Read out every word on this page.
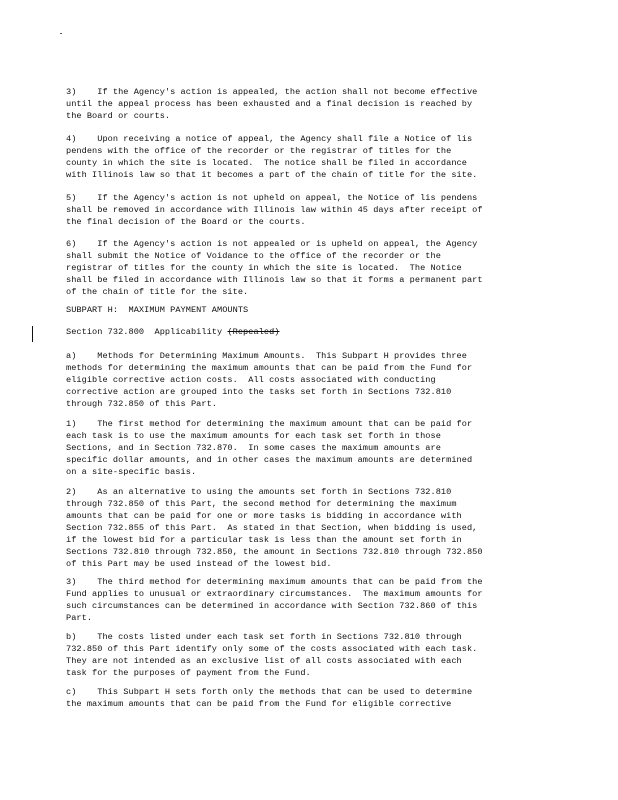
3)    If the Agency's action is appealed, the action shall not become effective
until the appeal process has been exhausted and a final decision is reached by
the Board or courts.
4)    Upon receiving a notice of appeal, the Agency shall file a Notice of lis
pendens with the office of the recorder or the registrar of titles for the
county in which the site is located.  The notice shall be filed in accordance
with Illinois law so that it becomes a part of the chain of title for the site.
5)    If the Agency's action is not upheld on appeal, the Notice of lis pendens
shall be removed in accordance with Illinois law within 45 days after receipt of
the final decision of the Board or the courts.
6)    If the Agency's action is not appealed or is upheld on appeal, the Agency
shall submit the Notice of Voidance to the office of the recorder or the
registrar of titles for the county in which the site is located.  The Notice
shall be filed in accordance with Illinois law so that it forms a permanent part
of the chain of title for the site.
SUBPART H:  MAXIMUM PAYMENT AMOUNTS
Section 732.800  Applicability (Repealed)
a)    Methods for Determining Maximum Amounts.  This Subpart H provides three
methods for determining the maximum amounts that can be paid from the Fund for
eligible corrective action costs.  All costs associated with conducting
corrective action are grouped into the tasks set forth in Sections 732.810
through 732.850 of this Part.
1)    The first method for determining the maximum amount that can be paid for
each task is to use the maximum amounts for each task set forth in those
Sections, and in Section 732.870.  In some cases the maximum amounts are
specific dollar amounts, and in other cases the maximum amounts are determined
on a site-specific basis.
2)    As an alternative to using the amounts set forth in Sections 732.810
through 732.850 of this Part, the second method for determining the maximum
amounts that can be paid for one or more tasks is bidding in accordance with
Section 732.855 of this Part.  As stated in that Section, when bidding is used,
if the lowest bid for a particular task is less than the amount set forth in
Sections 732.810 through 732.850, the amount in Sections 732.810 through 732.850
of this Part may be used instead of the lowest bid.
3)    The third method for determining maximum amounts that can be paid from the
Fund applies to unusual or extraordinary circumstances.  The maximum amounts for
such circumstances can be determined in accordance with Section 732.860 of this
Part.
b)    The costs listed under each task set forth in Sections 732.810 through
732.850 of this Part identify only some of the costs associated with each task.
They are not intended as an exclusive list of all costs associated with each
task for the purposes of payment from the Fund.
c)    This Subpart H sets forth only the methods that can be used to determine
the maximum amounts that can be paid from the Fund for eligible corrective
